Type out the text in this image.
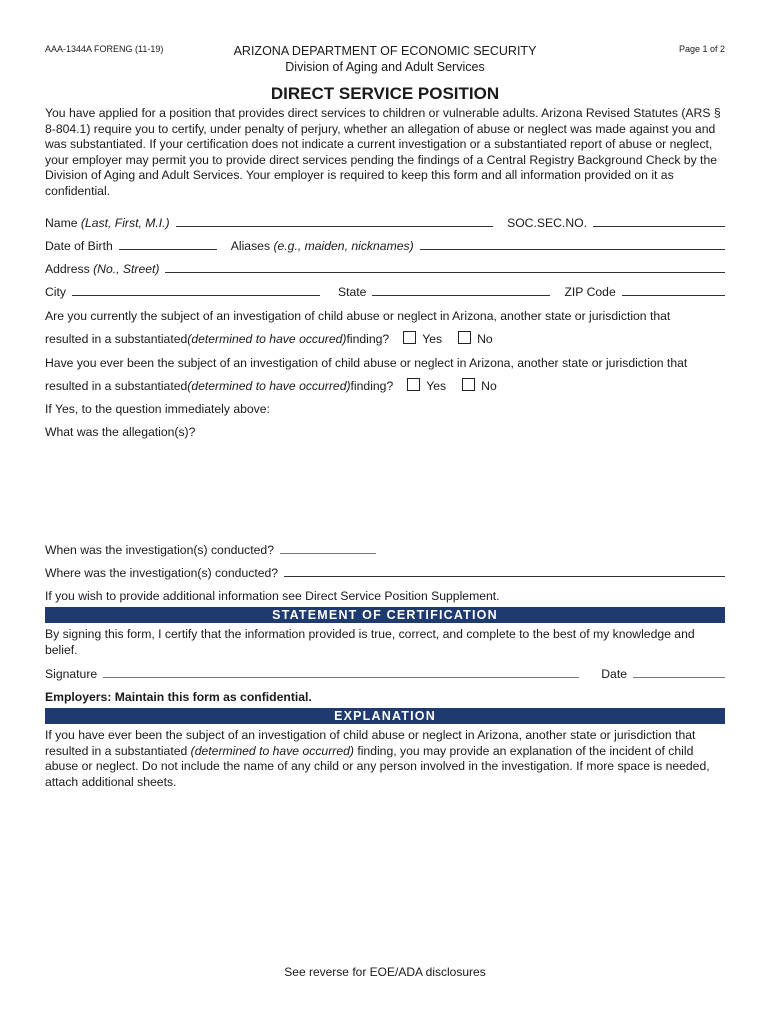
AAA-1344A FORENG (11-19)	Page 1 of 2
ARIZONA DEPARTMENT OF ECONOMIC SECURITY
Division of Aging and Adult Services
DIRECT SERVICE POSITION
You have applied for a position that provides direct services to children or vulnerable adults. Arizona Revised Statutes (ARS § 8-804.1) require you to certify, under penalty of perjury, whether an allegation of abuse or neglect was made against you and was substantiated. If your certification does not indicate a current investigation or a substantiated report of abuse or neglect, your employer may permit you to provide direct services pending the findings of a Central Registry Background Check by the Division of Aging and Adult Services. Your employer is required to keep this form and all information provided on it as confidential.
Name (Last, First, M.I.)	SOC.SEC.NO.
Date of Birth	Aliases (e.g., maiden, nicknames)
Address (No., Street)
City	State	ZIP Code
Are you currently the subject of an investigation of child abuse or neglect in Arizona, another state or jurisdiction that
resulted in a substantiated (determined to have occured) finding?	Yes	No
Have you ever been the subject of an investigation of child abuse or neglect in Arizona, another state or jurisdiction that
resulted in a substantiated (determined to have occurred) finding?	Yes	No
If Yes, to the question immediately above:
What was the allegation(s)?
When was the investigation(s) conducted?
Where was the investigation(s) conducted?
If you wish to provide additional information see Direct Service Position Supplement.
STATEMENT OF CERTIFICATION
By signing this form, I certify that the information provided is true, correct, and complete to the best of my knowledge and belief.
Signature	Date
Employers: Maintain this form as confidential.
EXPLANATION
If you have ever been the subject of an investigation of child abuse or neglect in Arizona, another state or jurisdiction that resulted in a substantiated (determined to have occurred) finding, you may provide an explanation of the incident of child abuse or neglect. Do not include the name of any child or any person involved in the investigation. If more space is needed, attach additional sheets.
See reverse for EOE/ADA disclosures
